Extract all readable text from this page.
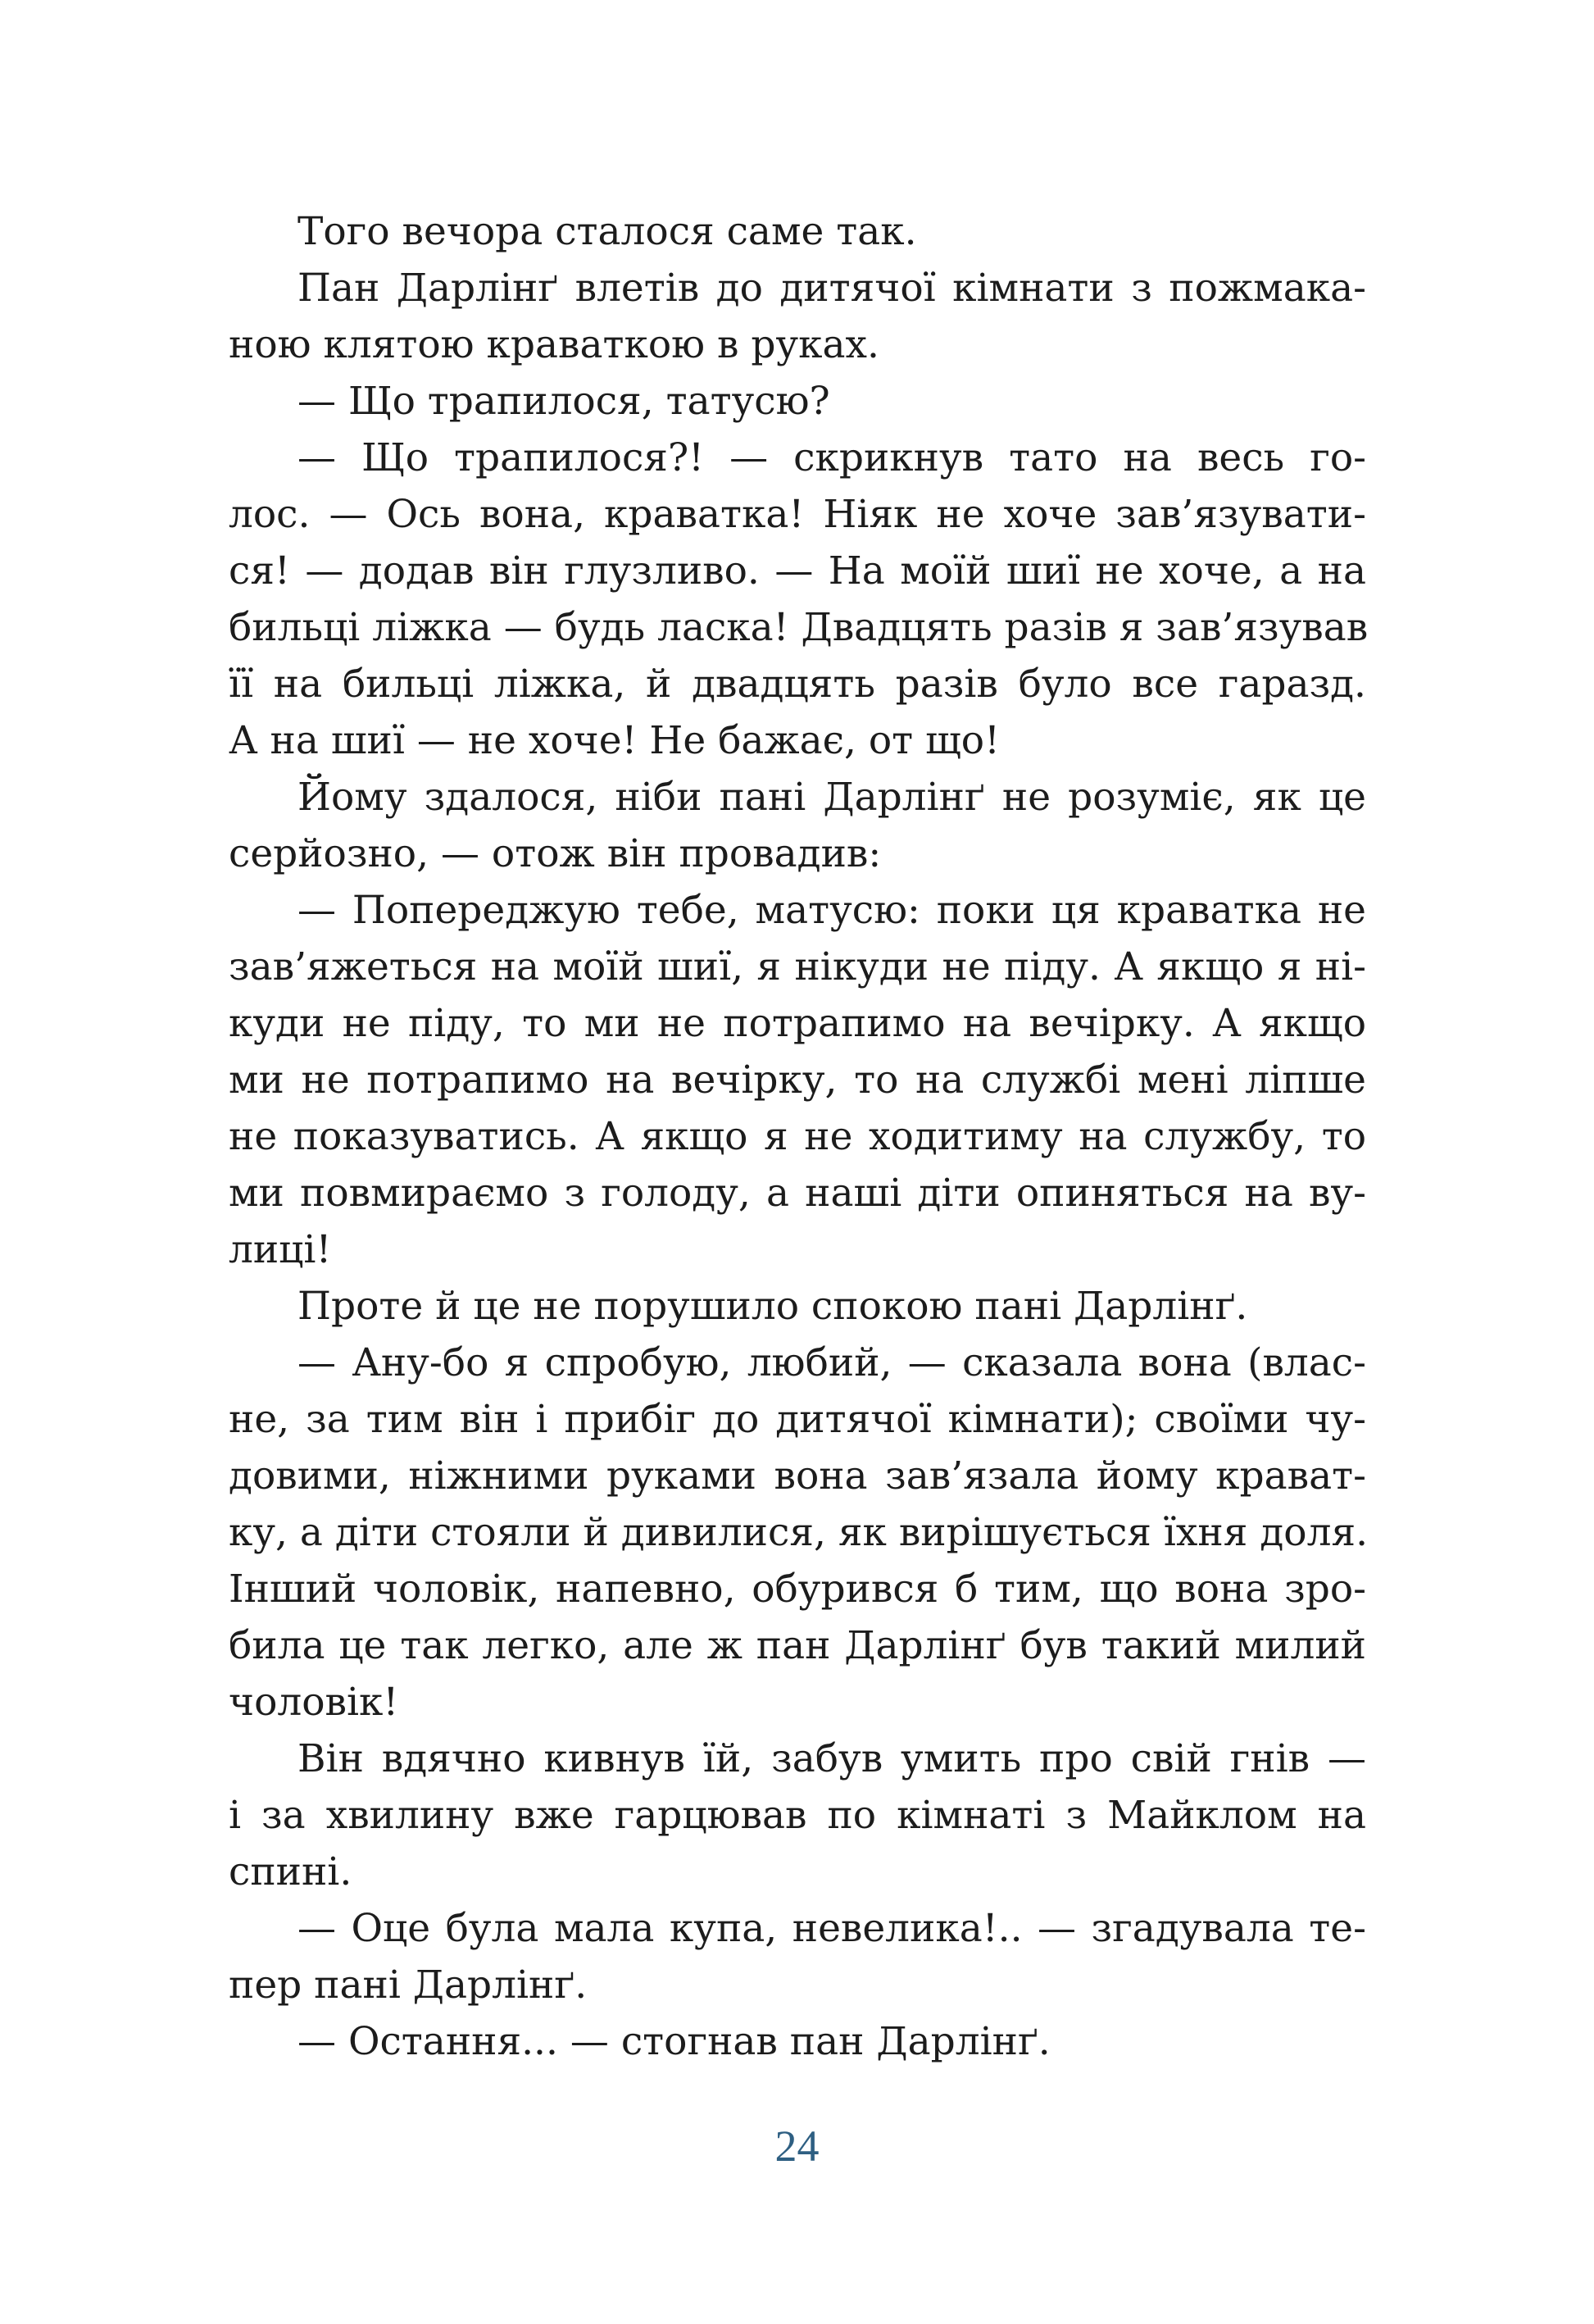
Того вечора сталося саме так.
Пан Дарлінґ влетів до дитячої кімнати з пожмака-
ною клятою краваткою в руках.
— Що трапилося, татусю?
— Що трапилося?! — скрикнув тато на весь го-
лос. — Ось вона, краватка! Ніяк не хоче зав’язувати-
ся! — додав він глузливо. — На моїй шиї не хоче, а на
бильці ліжка — будь ласка! Двадцять разів я зав’язував
її на бильці ліжка, й двадцять разів було все гаразд.
А на шиї — не хоче! Не бажає, от що!
Йому здалося, ніби пані Дарлінґ не розуміє, як це
серйозно, — отож він провадив:
— Попереджую тебе, матусю: поки ця краватка не
зав’яжеться на моїй шиї, я нікуди не піду. А якщо я ні-
куди не піду, то ми не потрапимо на вечірку. А якщо
ми не потрапимо на вечірку, то на службі мені ліпше
не показуватись. А якщо я не ходитиму на службу, то
ми повмираємо з голоду, а наші діти опиняться на ву-
лиці!
Проте й це не порушило спокою пані Дарлінґ.
— Ану-бо я спробую, любий, — сказала вона (влас-
не, за тим він і прибіг до дитячої кімнати); своїми чу-
довими, ніжними руками вона зав’язала йому крават-
ку, а діти стояли й дивилися, як вирішується їхня доля.
Інший чоловік, напевно, обурився б тим, що вона зро-
била це так легко, але ж пан Дарлінґ був такий милий
чоловік!
Він вдячно кивнув їй, забув умить про свій гнів —
і за хвилину вже гарцював по кімнаті з Майклом на
спині.
— Оце була мала купа, невелика!.. — згадувала те-
пер пані Дарлінґ.
— Остання... — стогнав пан Дарлінґ.
24
